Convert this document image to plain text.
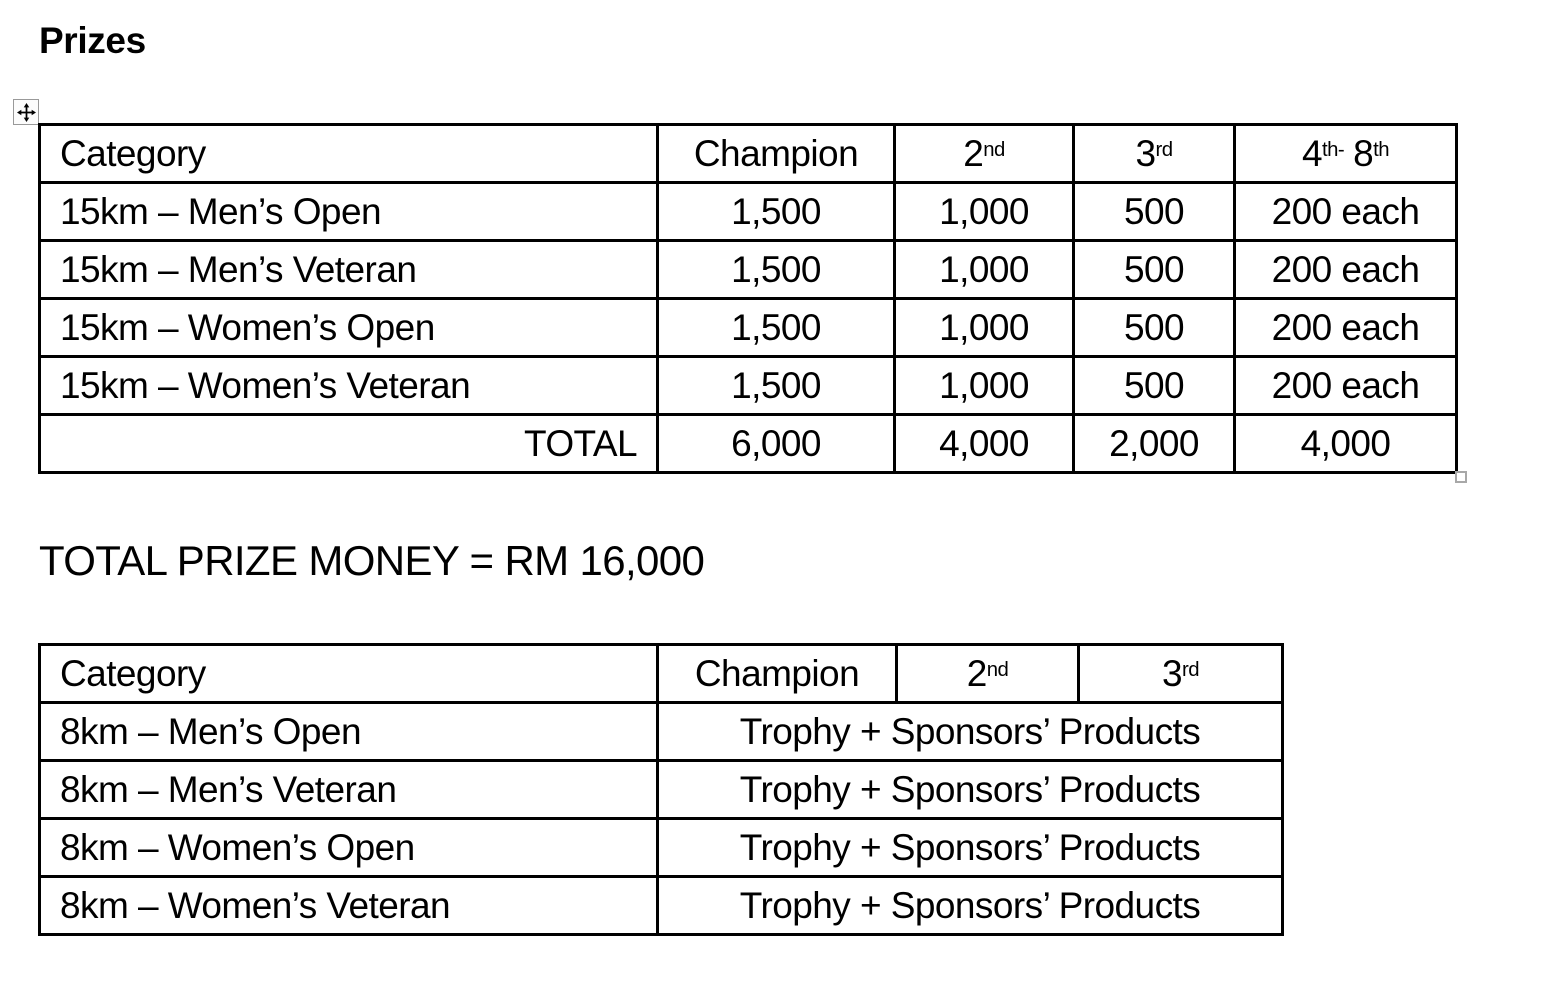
Prizes
Category	Champion	2nd	3rd	$4^{th-}$ 8th
15km – Men’s Open	1,500	1,000	500	200 each
15km – Men’s Veteran	1,500	1,000	500	200 each
15km – Women’s Open	1,500	1,000	500	200 each
15km – Women’s Veteran	1,500	1,000	500	200 each
TOTAL	6,000	4,000	2,000	4,000
TOTAL PRIZE MONEY = RM 16,000
Category	Champion	2nd	3rd
8km – Men’s Open	Trophy + Sponsors’ Products		
8km – Men’s Veteran	Trophy + Sponsors’ Products		
8km – Women’s Open	Trophy + Sponsors’ Products		
8km – Women’s Veteran	Trophy + Sponsors’ Products		
